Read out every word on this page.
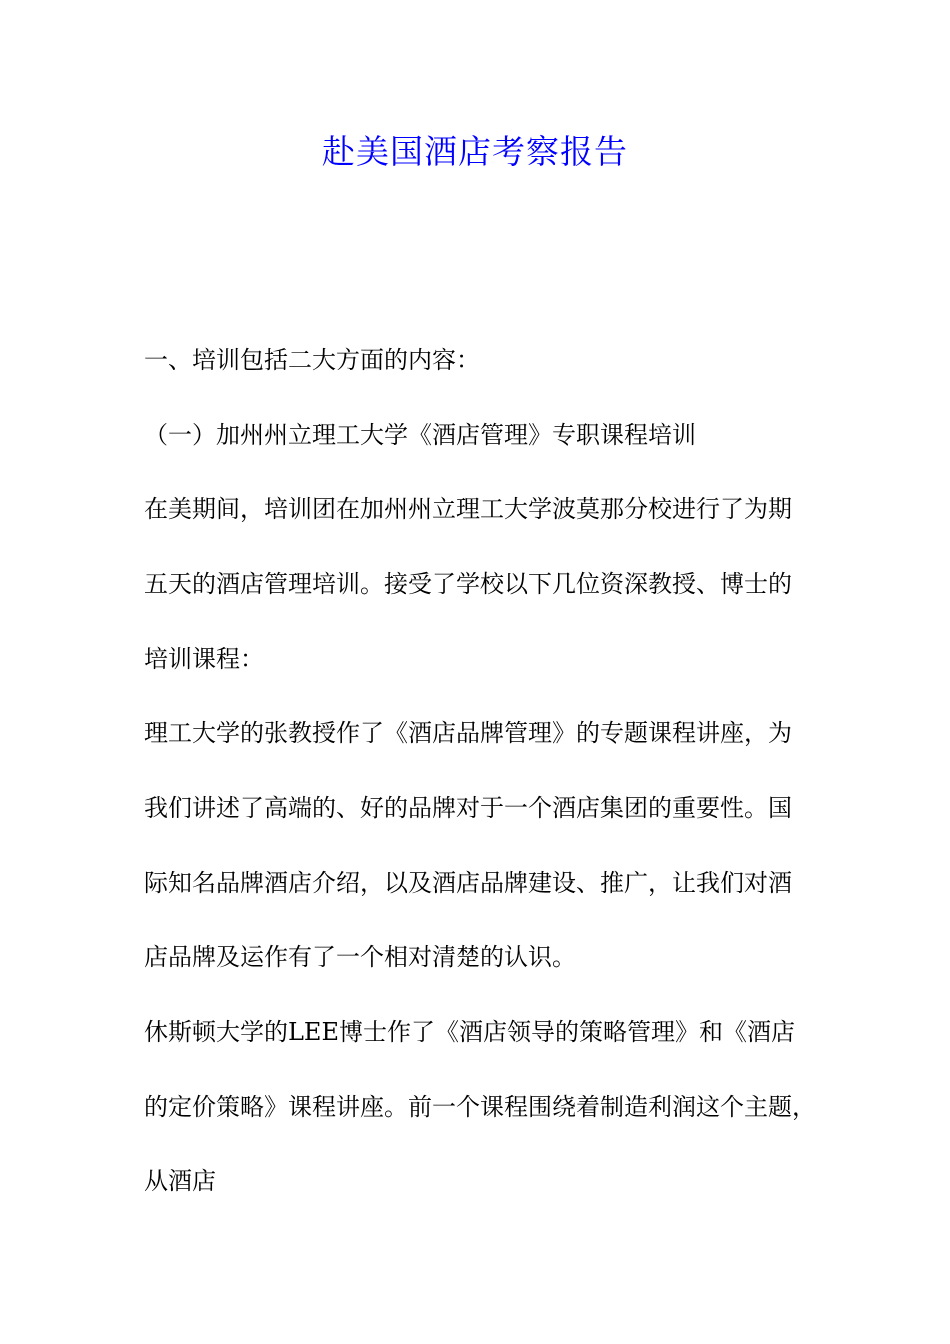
赴美国酒店考察报告
一、培训包括二大方面的内容：
（一）加州州立理工大学《酒店管理》专职课程培训
在美期间，培训团在加州州立理工大学波莫那分校进行了为期
五天的酒店管理培训。接受了学校以下几位资深教授、博士的
培训课程：
理工大学的张教授作了《酒店品牌管理》的专题课程讲座，为
我们讲述了高端的、好的品牌对于一个酒店集团的重要性。国
际知名品牌酒店介绍，以及酒店品牌建设、推广，让我们对酒
店品牌及运作有了一个相对清楚的认识。
休斯顿大学的LEE博士作了《酒店领导的策略管理》和《酒店
的定价策略》课程讲座。前一个课程围绕着制造利润这个主题，
从酒店
